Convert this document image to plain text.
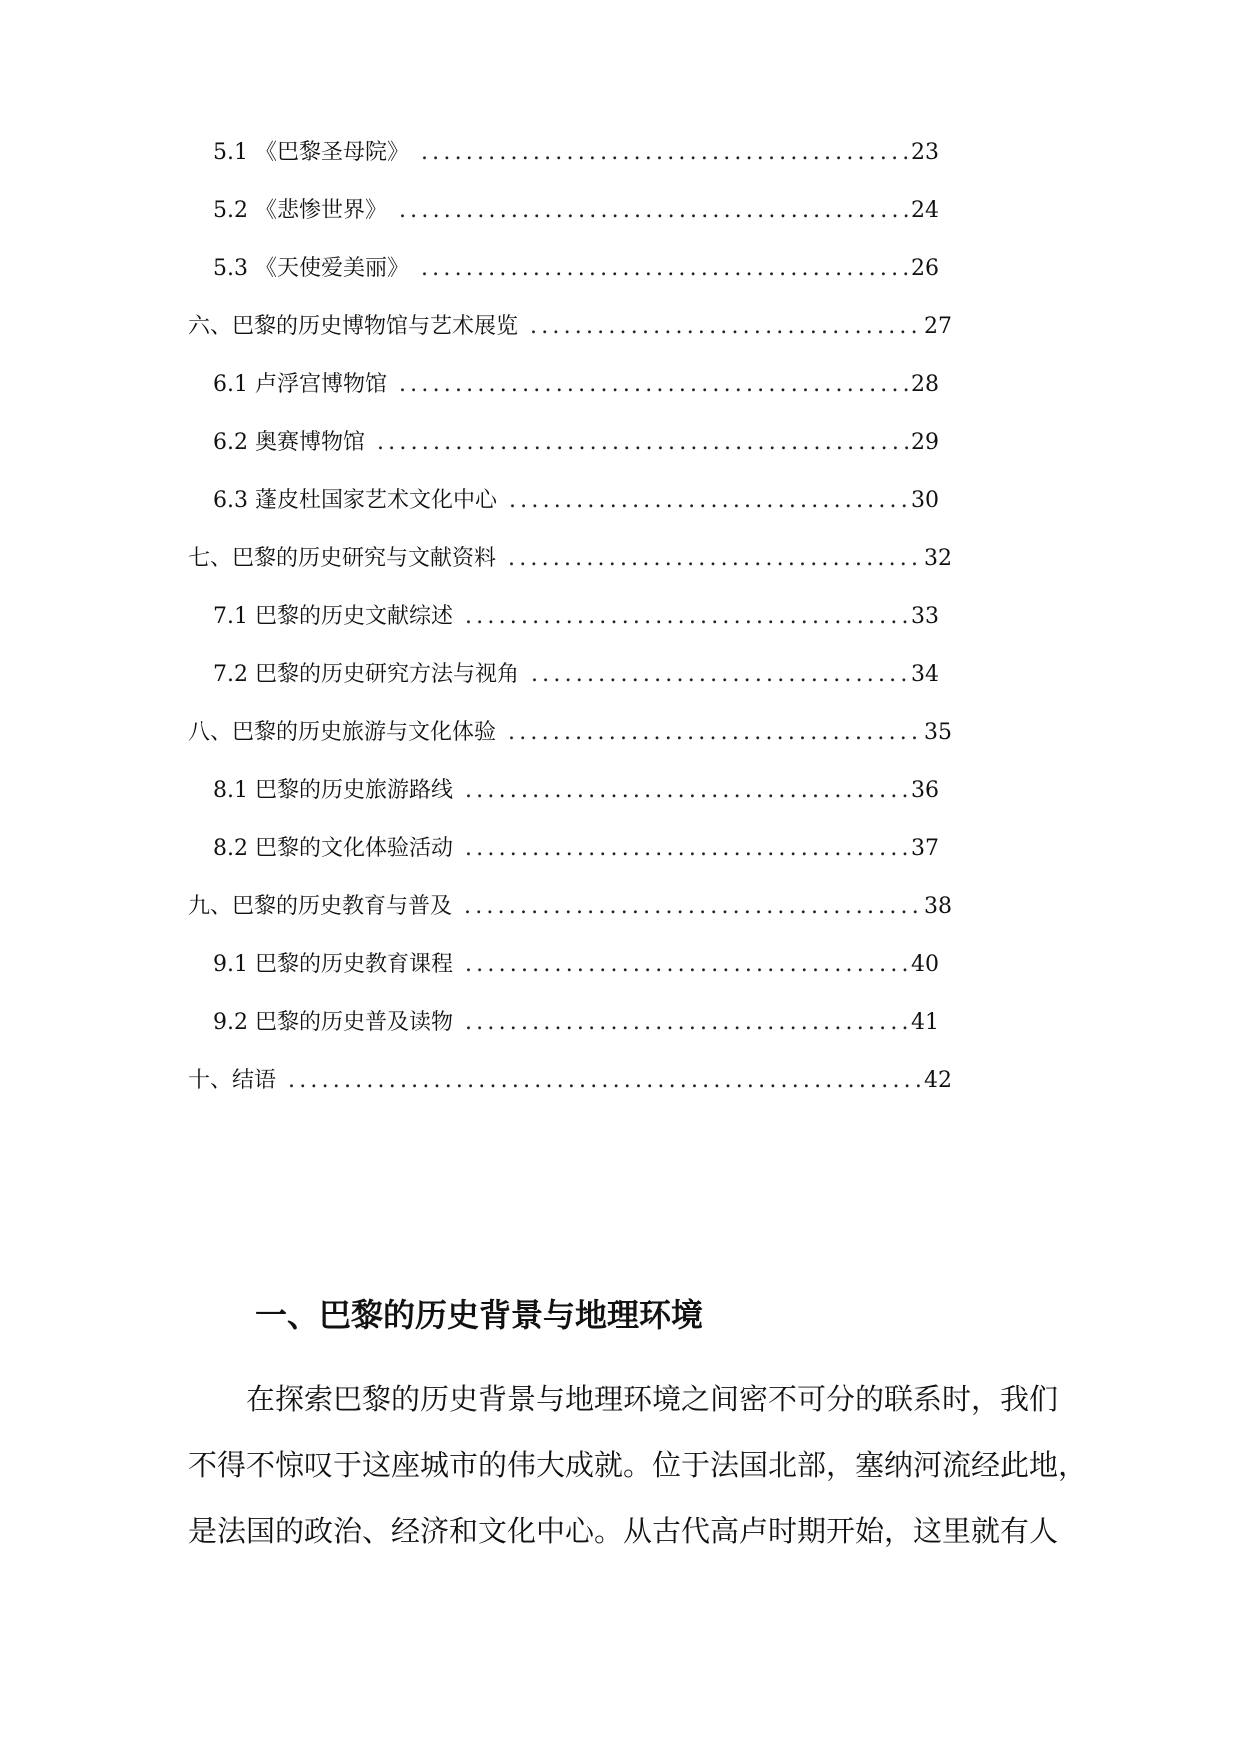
5.1 《巴黎圣母院》 .....	23
5.2 《悲惨世界》 .....	24
5.3 《天使爱美丽》 .....	26
六、巴黎的历史博物馆与艺术展览 .....	27
6.1 卢浮宫博物馆 .....	28
6.2 奥赛博物馆 .....	29
6.3 蓬皮杜国家艺术文化中心 .....	30
七、巴黎的历史研究与文献资料 .....	32
7.1 巴黎的历史文献综述 .....	33
7.2 巴黎的历史研究方法与视角 .....	34
八、巴黎的历史旅游与文化体验 .....	35
8.1 巴黎的历史旅游路线 .....	36
8.2 巴黎的文化体验活动 .....	37
九、巴黎的历史教育与普及 .....	38
9.1 巴黎的历史教育课程 .....	40
9.2 巴黎的历史普及读物 .....	41
十、结语 .....	42
一、巴黎的历史背景与地理环境
在探索巴黎的历史背景与地理环境之间密不可分的联系时，我们
不得不惊叹于这座城市的伟大成就。位于法国北部，塞纳河流经此地，
是法国的政治、经济和文化中心。从古代高卢时期开始，这里就有人
